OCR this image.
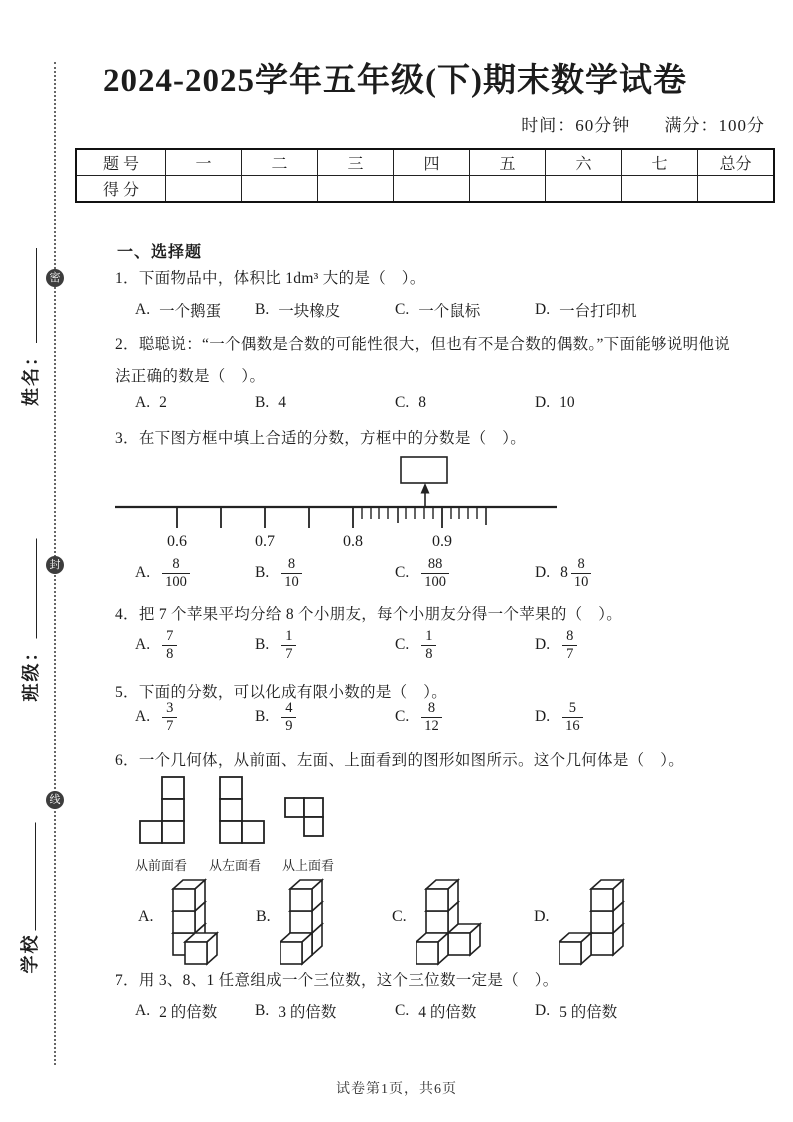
密
封
线
姓名：
班级：
学校
2024-2025学年五年级(下)期末数学试卷
时间：60分钟 满分：100分
题 号	一	二	三	四	五	六	七	总分
得 分								
一、选择题
1．下面物品中，体积比 1dm³ 大的是（　）。
A. 一个鹅蛋 B. 一块橡皮	C. 一个鼠标	D. 一台打印机
2．聪聪说：“一个偶数是合数的可能性很大，但也有不是合数的偶数。”下面能够说明他说
法正确的数是（　）。
A. 2	B. 4	C. 8	D. 10
3．在下图方框中填上合适的分数，方框中的分数是（　）。
0.6	0.7	0.8	0.9
A. $\frac{8}{100}$	B. $\frac{8}{10}$	C. $\frac{88}{100}$	D. $8 \frac{8}{10}$
4．把 7 个苹果平均分给 8 个小朋友，每个小朋友分得一个苹果的（　）。
A. $\frac{7}{8}$	B. $\frac{1}{7}$	C. $\frac{1}{8}$	D. $\frac{8}{7}$
5．下面的分数，可以化成有限小数的是（　）。
A. $\frac{3}{7}$	B. $\frac{4}{9}$	C. $\frac{8}{12}$	D. $\frac{5}{16}$
6．一个几何体，从前面、左面、上面看到的图形如图所示。这个几何体是（　）。
从前面看 从左面看 从上面看
A.	B.	C.	D.
7．用 3、8、1 任意组成一个三位数，这个三位数一定是（　）。
A. 2 的倍数 B. 3 的倍数	C. 4 的倍数	D. 5 的倍数
试卷第1页，共6页
